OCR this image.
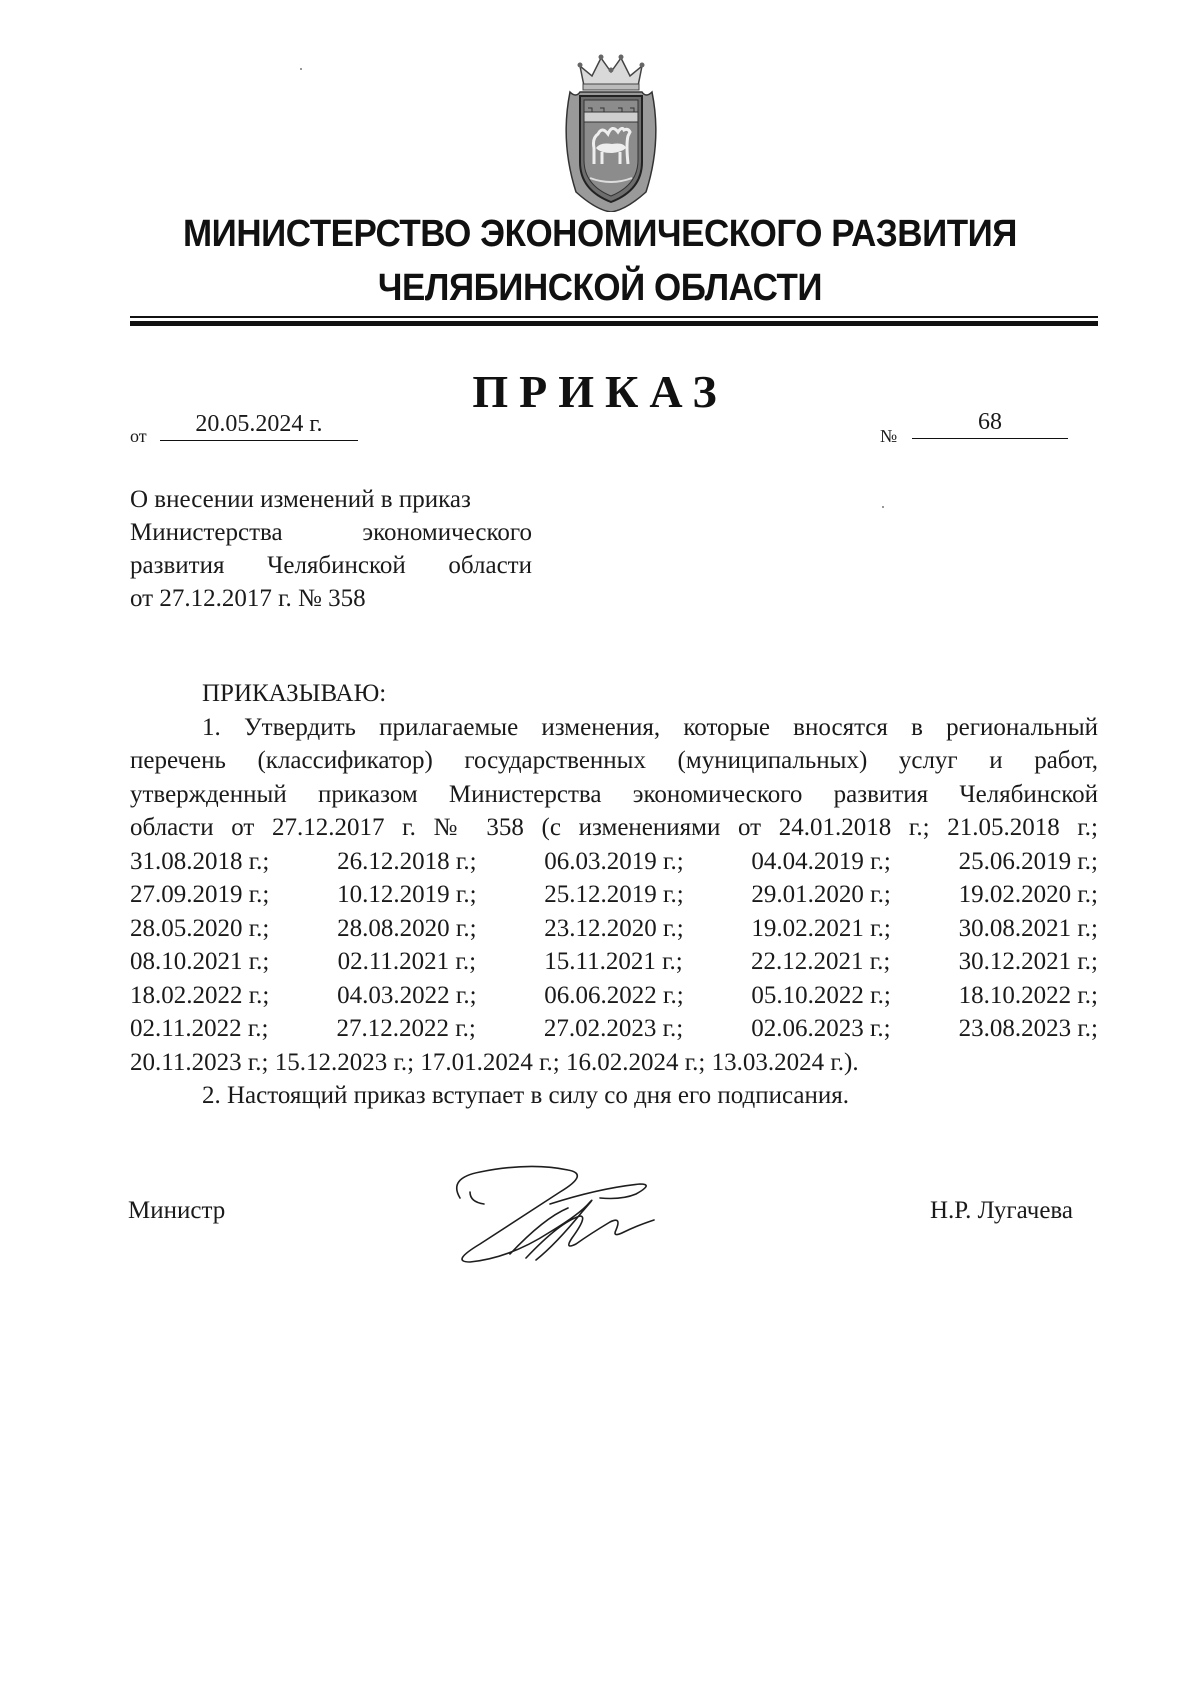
МИНИСТЕРСТВО ЭКОНОМИЧЕСКОГО РАЗВИТИЯ
ЧЕЛЯБИНСКОЙ ОБЛАСТИ
ПРИКАЗ
от	20.05.2024 г.	№
68
О внесении изменений в приказ
Министерства экономического
развития Челябинской области
от 27.12.2017 г. № 358
ПРИКАЗЫВАЮ:
1. Утвердить прилагаемые изменения, которые вносятся в региональный
перечень (классификатор) государственных (муниципальных) услуг и работ,
утвержденный приказом Министерства экономического развития Челябинской
области от 27.12.2017 г. № 358 (с изменениями от 24.01.2018 г.; 21.05.2018 г.;
31.08.2018 г.;	26.12.2018 г.;	06.03.2019 г.;	04.04.2019 г.;	25.06.2019 г.;
27.09.2019 г.;	10.12.2019 г.;	25.12.2019 г.;	29.01.2020 г.;	19.02.2020 г.;
28.05.2020 г.;	28.08.2020 г.;	23.12.2020 г.;	19.02.2021 г.;	30.08.2021 г.;
08.10.2021 г.;	02.11.2021 г.;	15.11.2021 г.;	22.12.2021 г.;	30.12.2021 г.;
18.02.2022 г.;	04.03.2022 г.;	06.06.2022 г.;	05.10.2022 г.;	18.10.2022 г.;
02.11.2022 г.;	27.12.2022 г.;	27.02.2023 г.;	02.06.2023 г.;	23.08.2023 г.;
20.11.2023 г.; 15.12.2023 г.; 17.01.2024 г.; 16.02.2024 г.; 13.03.2024 г.).
2. Настоящий приказ вступает в силу со дня его подписания.
Министр	Н.Р. Лугачева
